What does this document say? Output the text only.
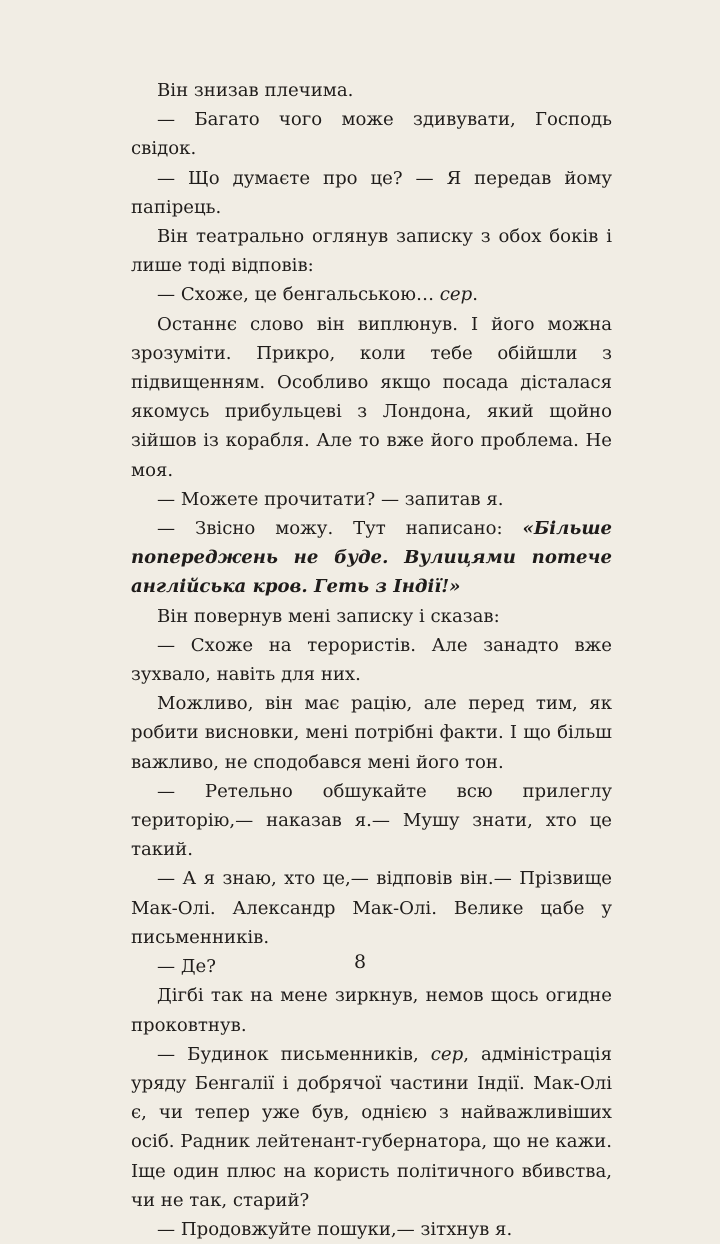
Він знизав плечима.

— Багато чого може здивувати, Господь свідок.

— Що думаєте про це? — Я передав йому папірець.

Він театрально оглянув записку з обох боків і лише тоді відповів:

— Схоже, це бенгальською… сер.

Останнє слово він виплюнув. І його можна зрозуміти. Прикро, коли тебе обійшли з підвищенням. Особливо якщо посада дісталася якомусь прибульцеві з Лондона, який щойно зійшов із корабля. Але то вже його проблема. Не моя.

— Можете прочитати? — запитав я.

— Звісно можу. Тут написано: «Більше попереджень не буде. Вулицями потече англійська кров. Геть з Індії!»

Він повернув мені записку і сказав:

— Схоже на терористів. Але занадто вже зухвало, навіть для них.

Можливо, він має рацію, але перед тим, як робити висновки, мені потрібні факти. І що більш важливо, не сподобався мені його тон.

— Ретельно обшукайте всю прилеглу територію,— наказав я.— Мушу знати, хто це такий.

— А я знаю, хто це,— відповів він.— Прізвище Мак-Олі. Александр Мак-Олі. Велике цабе у письменників.

— Де?

Дігбі так на мене зиркнув, немов щось огидне проковтнув.

— Будинок письменників, сер, адміністрація уряду Бенгалії і добрячої частини Індії. Мак-Олі є, чи тепер уже був, однією з найважливіших осіб. Радник лейтенант-губернатора, що не кажи. Іще один плюс на користь політичного вбивства, чи не так, старий?

— Продовжуйте пошуки,— зітхнув я.

8
